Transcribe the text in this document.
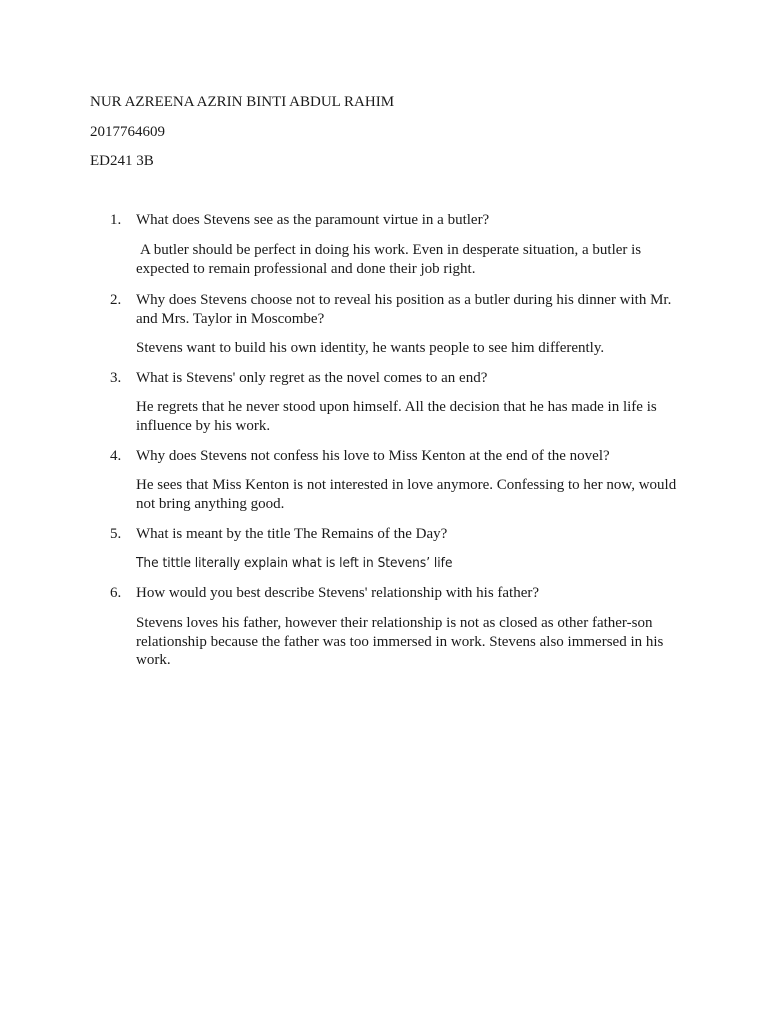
NUR AZREENA AZRIN BINTI ABDUL RAHIM

2017764609

ED241 3B

1. What does Stevens see as the paramount virtue in a butler?

A butler should be perfect in doing his work. Even in desperate situation, a butler is expected to remain professional and done their job right.

2. Why does Stevens choose not to reveal his position as a butler during his dinner with Mr. and Mrs. Taylor in Moscombe?

Stevens want to build his own identity, he wants people to see him differently.

3. What is Stevens' only regret as the novel comes to an end?

He regrets that he never stood upon himself. All the decision that he has made in life is influence by his work.

4. Why does Stevens not confess his love to Miss Kenton at the end of the novel?

He sees that Miss Kenton is not interested in love anymore. Confessing to her now, would not bring anything good.

5. What is meant by the title The Remains of the Day?

The tittle literally explain what is left in Stevens’ life

6. How would you best describe Stevens' relationship with his father?

Stevens loves his father, however their relationship is not as closed as other father-son relationship because the father was too immersed in work. Stevens also immersed in his work.
